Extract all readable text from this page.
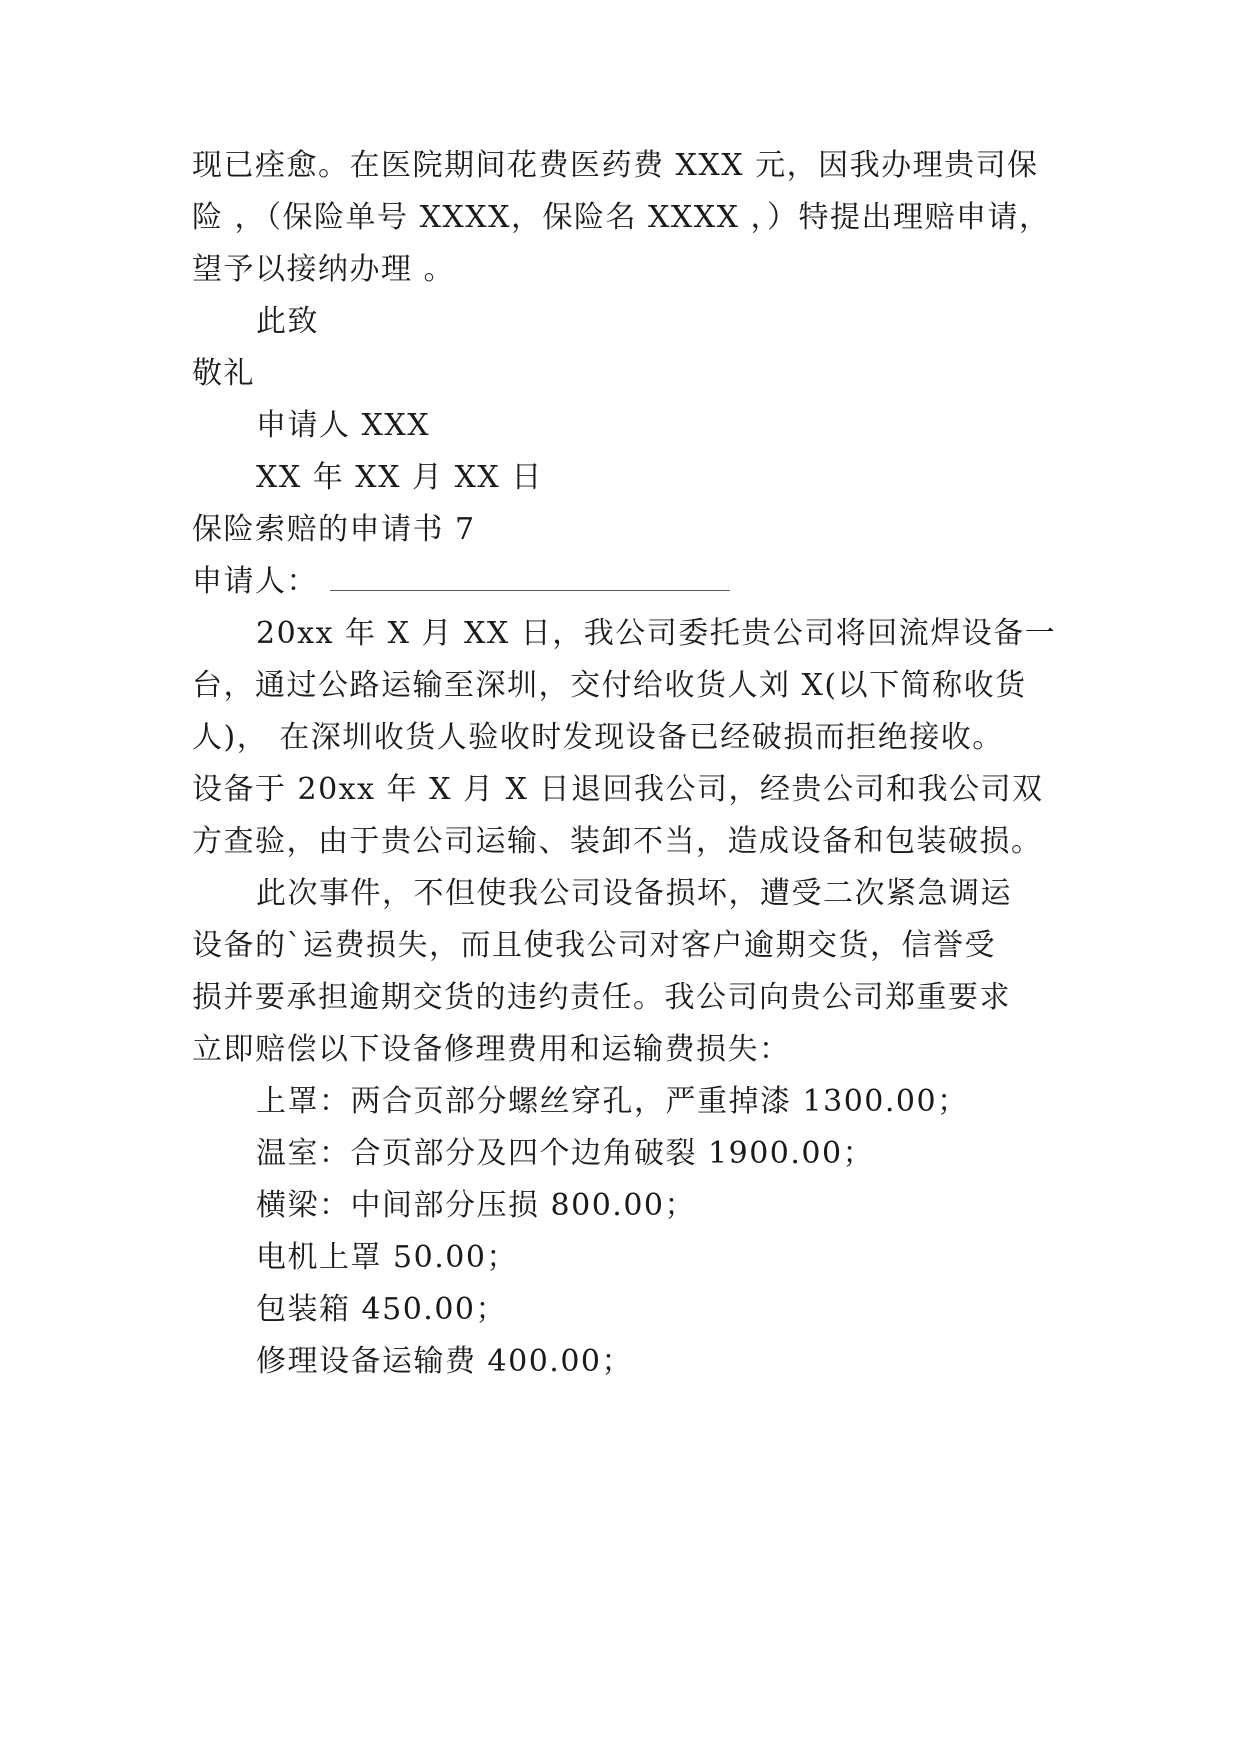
现已痊愈。在医院期间花费医药费 XXX 元，因我办理贵司保
险 ，（保险单号 XXXX，保险名 XXXX ，）特提出理赔申请，
望予以接纳办理 。
此致
敬礼
申请人 XXX
XX 年 XX 月 XX 日
保险索赔的申请书 7
申请人：
20xx 年 X 月 XX 日，我公司委托贵公司将回流焊设备一
台，通过公路运输至深圳，交付给收货人刘 X(以下简称收货
人)， 在深圳收货人验收时发现设备已经破损而拒绝接收。
设备于 20xx 年 X 月 X 日退回我公司，经贵公司和我公司双
方查验，由于贵公司运输、装卸不当，造成设备和包装破损。
此次事件，不但使我公司设备损坏，遭受二次紧急调运
设备的`运费损失，而且使我公司对客户逾期交货，信誉受
损并要承担逾期交货的违约责任。我公司向贵公司郑重要求
立即赔偿以下设备修理费用和运输费损失：
上罩：两合页部分螺丝穿孔，严重掉漆 1300.00；
温室：合页部分及四个边角破裂 1900.00；
横梁：中间部分压损 800.00；
电机上罩 50.00；
包装箱 450.00；
修理设备运输费 400.00；
